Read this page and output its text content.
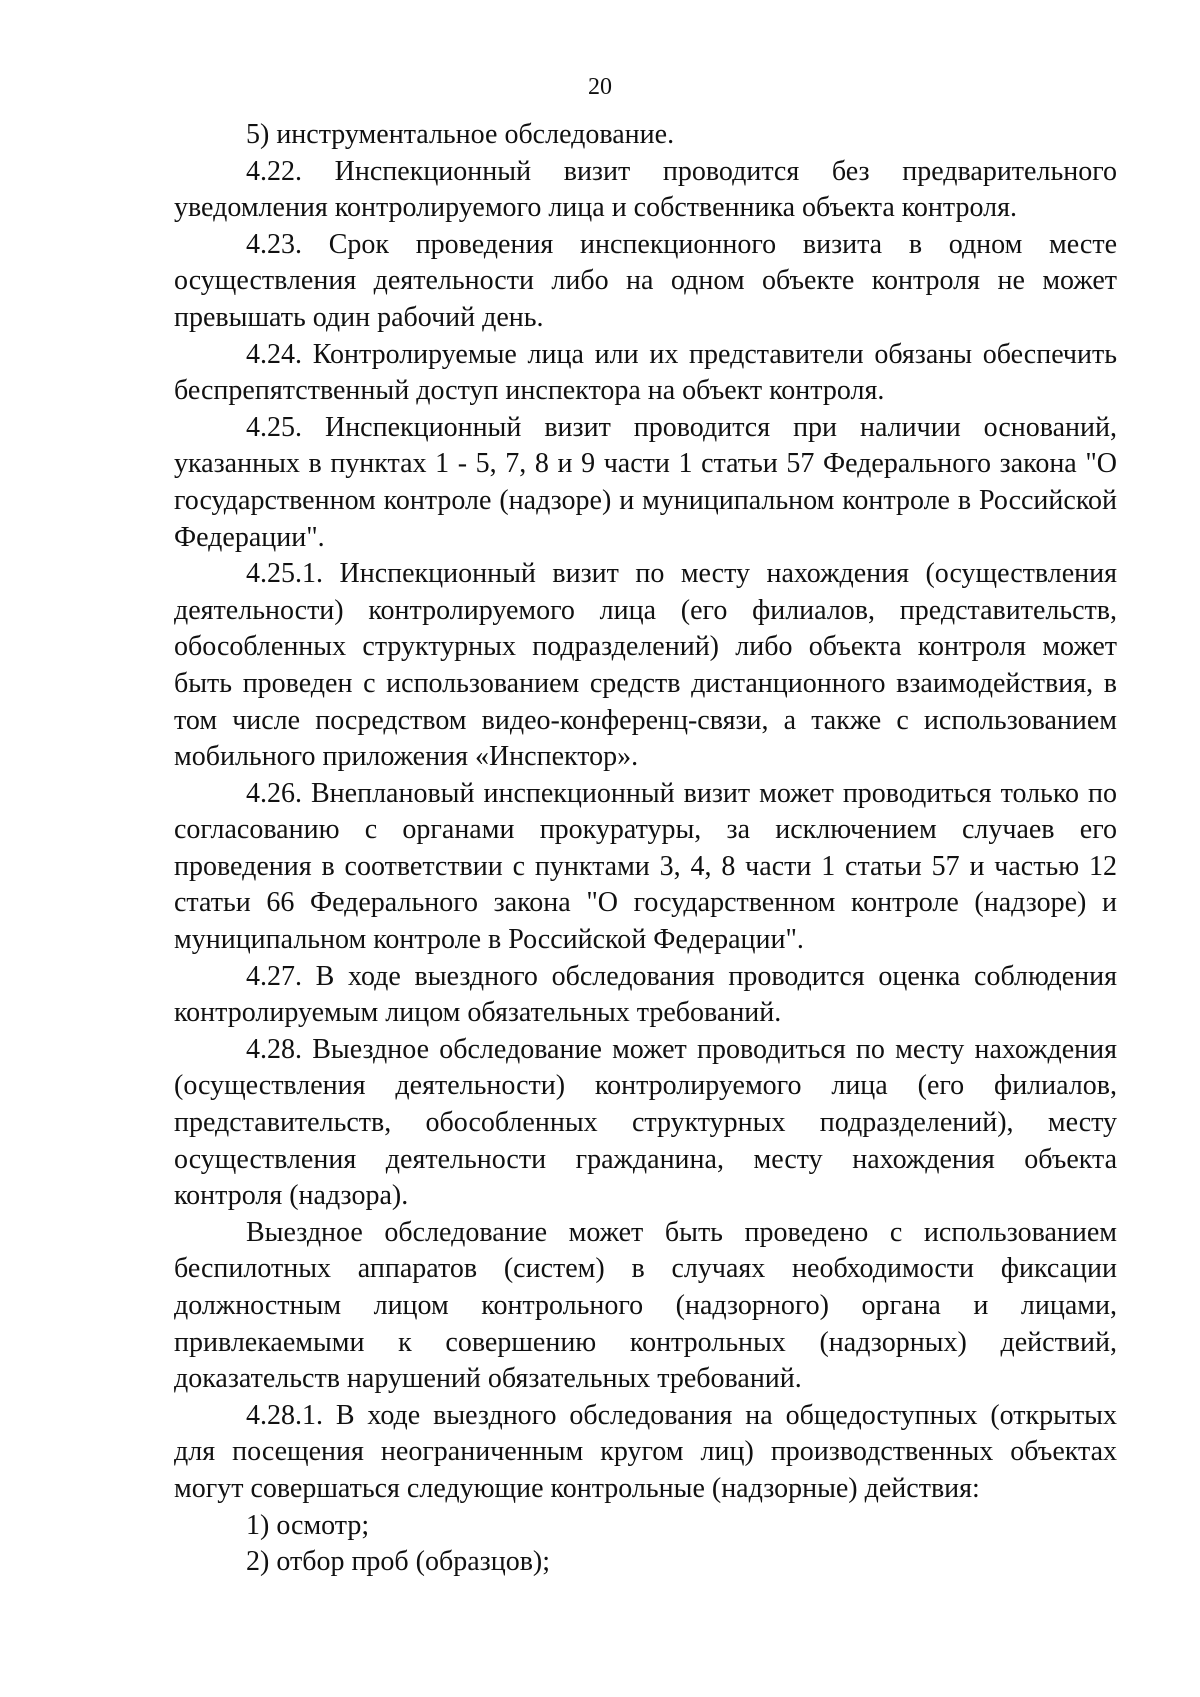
20

5) инструментальное обследование.

4.22. Инспекционный визит проводится без предварительного уведомления контролируемого лица и собственника объекта контроля.

4.23. Срок проведения инспекционного визита в одном месте осуществления деятельности либо на одном объекте контроля не может превышать один рабочий день.

4.24. Контролируемые лица или их представители обязаны обеспечить беспрепятственный доступ инспектора на объект контроля.

4.25. Инспекционный визит проводится при наличии оснований, указанных в пунктах 1 - 5, 7, 8 и 9 части 1 статьи 57 Федерального закона "О государственном контроле (надзоре) и муниципальном контроле в Российской Федерации".

4.25.1. Инспекционный визит по месту нахождения (осуществления деятельности) контролируемого лица (его филиалов, представительств, обособленных структурных подразделений) либо объекта контроля может быть проведен с использованием средств дистанционного взаимодействия, в том числе посредством видео-конференц-связи, а также с использованием мобильного приложения «Инспектор».

4.26. Внеплановый инспекционный визит может проводиться только по согласованию с органами прокуратуры, за исключением случаев его проведения в соответствии с пунктами 3, 4, 8 части 1 статьи 57 и частью 12 статьи 66 Федерального закона "О государственном контроле (надзоре) и муниципальном контроле в Российской Федерации".

4.27. В ходе выездного обследования проводится оценка соблюдения контролируемым лицом обязательных требований.

4.28. Выездное обследование может проводиться по месту нахождения (осуществления деятельности) контролируемого лица (его филиалов, представительств, обособленных структурных подразделений), месту осуществления деятельности гражданина, месту нахождения объекта контроля (надзора).

Выездное обследование может быть проведено с использованием беспилотных аппаратов (систем) в случаях необходимости фиксации должностным лицом контрольного (надзорного) органа и лицами, привлекаемыми к совершению контрольных (надзорных) действий, доказательств нарушений обязательных требований.

4.28.1. В ходе выездного обследования на общедоступных (открытых для посещения неограниченным кругом лиц) производственных объектах могут совершаться следующие контрольные (надзорные) действия:

1) осмотр;

2) отбор проб (образцов);
